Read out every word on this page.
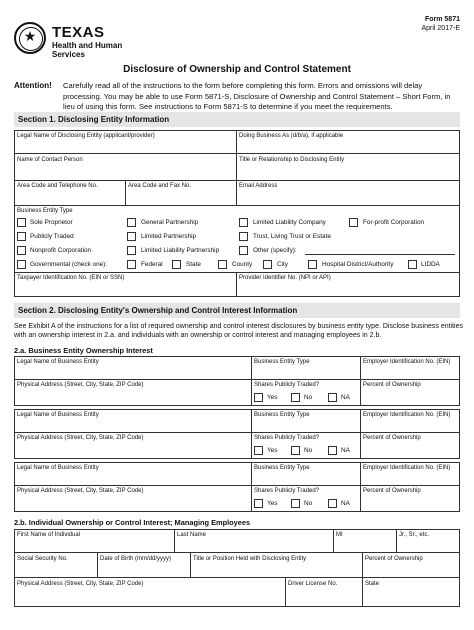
★ TEXAS
Health and Human
Services
Form 5871
April 2017-E
Disclosure of Ownership and Control Statement
Attention! Carefully read all of the instructions to the form before completing this form. Errors and omissions will delay processing. You may be able to use Form 5871-S, Disclosure of Ownership and Control Statement – Short Form, in lieu of using this form. See instructions to Form 5871-S to determine if you meet the requirements.
Section 1. Disclosing Entity Information
Legal Name of Disclosing Entity (applicant/provider)	Doing Business As (d/b/a), if applicable
Name of Contact Person	Title or Relationship to Disclosing Entity
Area Code and Telephone No.	Area Code and Fax No.	Email Address
Business Entity Type
Sole Proprietor	General Partnership	Limited Liability Company	For-profit Corporation
Publicly Traded	Limited Partnership	Trust, Living Trust or Estate
Nonprofit Corporation	Limited Liability Partnership	Other (specify):
Governmental (check one):	Federal	State	County	City	Hospital District/Authority	LIDDA
Taxpayer Identification No. (EIN or SSN)	Provider Identifier No. (NPI or API)
Section 2. Disclosing Entity's Ownership and Control Interest Information
See Exhibit A of the instructions for a list of required ownership and control interest disclosures by business entity type. Disclose business entities with an ownership interest in 2.a. and individuals with an ownership or control interest and managing employees in 2.b.
2.a. Business Entity Ownership Interest
Legal Name of Business Entity	Business Entity Type	Employer Identification No. (EIN)
Physical Address (Street, City, State, ZIP Code)	Shares Publicly Traded?	Percent of Ownership
Yes	No	NA
Legal Name of Business Entity	Business Entity Type	Employer Identification No. (EIN)
Physical Address (Street, City, State, ZIP Code)	Shares Publicly Traded?	Percent of Ownership
Yes	No	NA
Legal Name of Business Entity	Business Entity Type	Employer Identification No. (EIN)
Physical Address (Street, City, State, ZIP Code)	Shares Publicly Traded?	Percent of Ownership
Yes	No	NA
2.b. Individual Ownership or Control Interest; Managing Employees
First Name of Individual	Last Name	MI	Jr., Sr., etc.
Social Security No.	Date of Birth (mm/dd/yyyy)	Title or Position Held with Disclosing Entity	Percent of Ownership
Physical Address (Street, City, State, ZIP Code)	Driver License No.	State
